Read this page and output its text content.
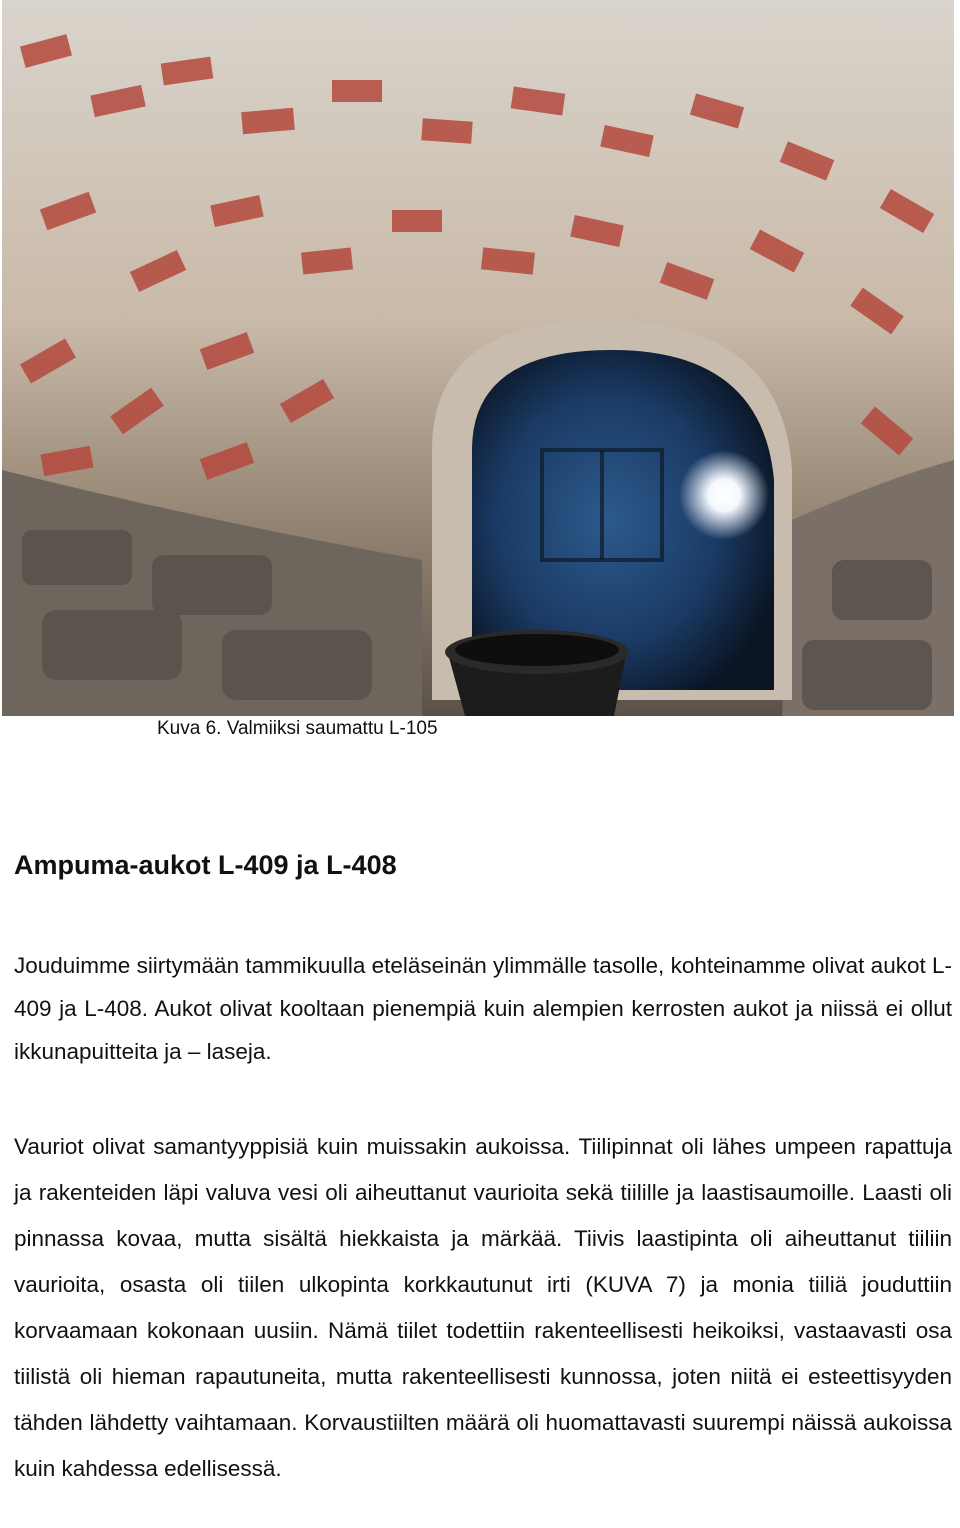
Kuva 6. Valmiiksi saumattu L-105
Ampuma-aukot L-409 ja L-408

Jouduimme siirtymään tammikuulla eteläseinän ylimmälle tasolle, kohteinamme olivat aukot L-409 ja L-408. Aukot olivat kooltaan pienempiä kuin alempien kerrosten aukot ja niissä ei ollut ikkunapuitteita ja – laseja.

Vauriot olivat samantyyppisiä kuin muissakin aukoissa. Tiilipinnat oli lähes umpeen rapattuja ja rakenteiden läpi valuva vesi oli aiheuttanut vaurioita sekä tiilille ja laastisaumoille. Laasti oli pinnassa kovaa, mutta sisältä hiekkaista ja märkää. Tiivis laastipinta oli aiheuttanut tiiliin vaurioita, osasta oli tiilen ulkopinta korkkautunut irti (KUVA 7) ja monia tiiliä jouduttiin korvaamaan kokonaan uusiin. Nämä tiilet todettiin rakenteellisesti heikoiksi, vastaavasti osa tiilistä oli hieman rapautuneita, mutta rakenteellisesti kunnossa, joten niitä ei esteettisyyden tähden lähdetty vaihtamaan. Korvaustiilten määrä oli huomattavasti suurempi näissä aukoissa kuin kahdessa edellisessä.
